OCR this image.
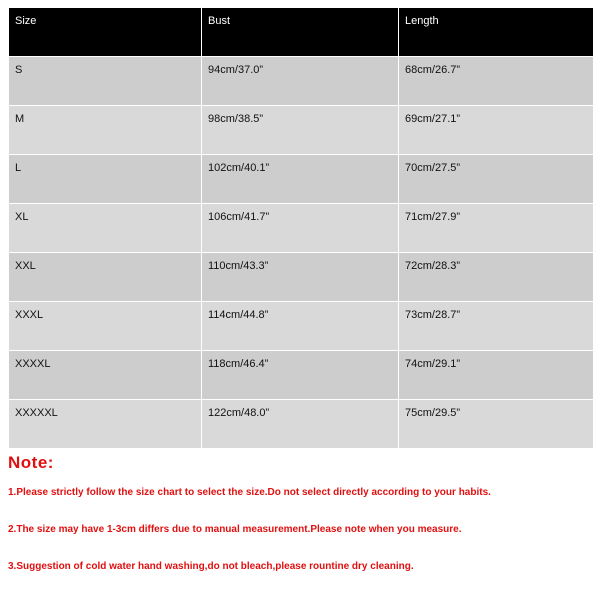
Size	Bust	Length
S	94cm/37.0”	68cm/26.7”
M	98cm/38.5”	69cm/27.1”
L	102cm/40.1”	70cm/27.5”
XL	106cm/41.7”	71cm/27.9”
XXL	110cm/43.3”	72cm/28.3”
XXXL	114cm/44.8”	73cm/28.7”
XXXXL	118cm/46.4”	74cm/29.1”
XXXXXL	122cm/48.0”	75cm/29.5”
Note:

1.Please strictly follow the size chart to select the size.Do not select directly according to your habits.

2.The size may have 1-3cm differs due to manual measurement.Please note when you measure.

3.Suggestion of cold water hand washing,do not bleach,please rountine dry cleaning.
